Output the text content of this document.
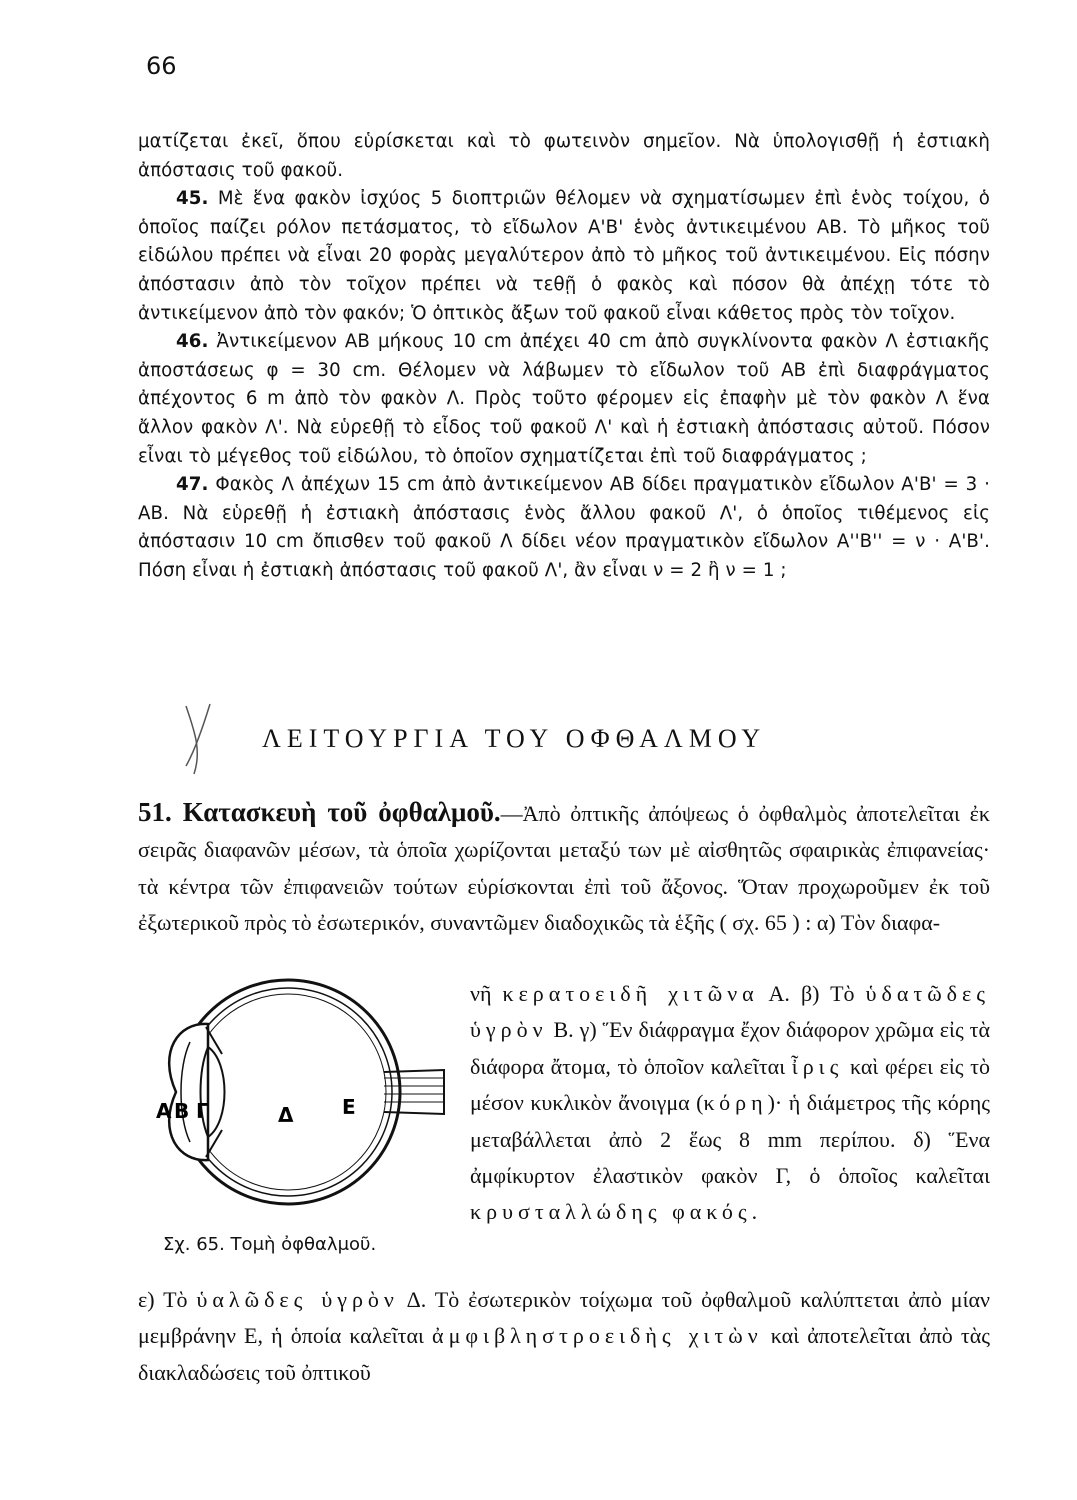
66

ματίζεται ἐκεῖ, ὅπου εὑρίσκεται καὶ τὸ φωτεινὸν σημεῖον. Νὰ ὑπολογισθῇ ἡ ἐστιακὴ ἀπόστασις τοῦ φακοῦ.

45. Μὲ ἕνα φακὸν ἰσχύος 5 διοπτριῶν θέλομεν νὰ σχηματίσωμεν ἐπὶ ἑνὸς τοίχου, ὁ ὁποῖος παίζει ρόλον πετάσματος, τὸ εἴδωλον Α'Β' ἑνὸς ἀντικειμένου ΑΒ. Τὸ μῆκος τοῦ εἰδώλου πρέπει νὰ εἶναι 20 φορὰς μεγαλύτερον ἀπὸ τὸ μῆκος τοῦ ἀντικειμένου. Εἰς πόσην ἀπόστασιν ἀπὸ τὸν τοῖχον πρέπει νὰ τεθῇ ὁ φακὸς καὶ πόσον θὰ ἀπέχῃ τότε τὸ ἀντικείμενον ἀπὸ τὸν φακόν; Ὁ ὀπτικὸς ἄξων τοῦ φακοῦ εἶναι κάθετος πρὸς τὸν τοῖχον.

46. Ἀντικείμενον ΑΒ μήκους 10 cm ἀπέχει 40 cm ἀπὸ συγκλίνοντα φακὸν Λ ἐστιακῆς ἀποστάσεως φ = 30 cm. Θέλομεν νὰ λάβωμεν τὸ εἴδωλον τοῦ ΑΒ ἐπὶ διαφράγματος ἀπέχοντος 6 m ἀπὸ τὸν φακὸν Λ. Πρὸς τοῦτο φέρομεν εἰς ἐπαφὴν μὲ τὸν φακὸν Λ ἕνα ἄλλον φακὸν Λ'. Νὰ εὑρεθῇ τὸ εἶδος τοῦ φακοῦ Λ' καὶ ἡ ἐστιακὴ ἀπόστασις αὐτοῦ. Πόσον εἶναι τὸ μέγεθος τοῦ εἰδώλου, τὸ ὁποῖον σχηματίζεται ἐπὶ τοῦ διαφράγματος ;

47. Φακὸς Λ ἀπέχων 15 cm ἀπὸ ἀντικείμενον ΑΒ δίδει πραγματικὸν εἴδωλον Α'Β' = 3 · ΑΒ. Νὰ εὑρεθῇ ἡ ἐστιακὴ ἀπόστασις ἑνὸς ἄλλου φακοῦ Λ', ὁ ὁποῖος τιθέμενος εἰς ἀπόστασιν 10 cm ὄπισθεν τοῦ φακοῦ Λ δίδει νέον πραγματικὸν εἴδωλον Α''Β'' = ν · Α'Β'. Πόση εἶναι ἡ ἐστιακὴ ἀπόστασις τοῦ φακοῦ Λ', ἂν εἶναι ν = 2 ἢ ν = 1 ;

ΛΕΙΤΟΥΡΓΙΑ ΤΟΥ ΟΦΘΑΛΜΟΥ

51. Κατασκευὴ τοῦ ὀφθαλμοῦ.—Ἀπὸ ὀπτικῆς ἀπόψεως ὁ ὀφθαλμὸς ἀποτελεῖται ἐκ σειρᾶς διαφανῶν μέσων, τὰ ὁποῖα χωρίζονται μεταξύ των μὲ αἰσθητῶς σφαιρικὰς ἐπιφανείας· τὰ κέντρα τῶν ἐπιφανειῶν τούτων εὑρίσκονται ἐπὶ τοῦ ἄξονος. Ὅταν προχωροῦμεν ἐκ τοῦ ἐξωτερικοῦ πρὸς τὸ ἐσωτερικόν, συναντῶμεν διαδοχικῶς τὰ ἑξῆς ( σχ. 65 ) : α) Τὸν διαφα-

Α Β Γ	Δ Ε
Σχ. 65. Τομὴ ὀφθαλμοῦ.

νῆ κερατοειδῆ χιτῶνα Α. β) Τὸ ὑδατῶδες ὑγρὸν Β. γ) Ἕν διάφραγμα ἔχον διάφορον χρῶμα εἰς τὰ διάφορα ἄτομα, τὸ ὁποῖον καλεῖται ἶρις καὶ φέρει εἰς τὸ μέσον κυκλικὸν ἄνοιγμα (κόρη)· ἡ διάμετρος τῆς κόρης μεταβάλλεται ἀπὸ 2 ἕως 8 mm περίπου. δ) Ἕνα ἀμφίκυρτον ἐλαστικὸν φακὸν Γ, ὁ ὁποῖος καλεῖται κρυσταλλώδης φακός.

ε) Τὸ ὑαλῶδες ὑγρὸν Δ. Τὸ ἐσωτερικὸν τοίχωμα τοῦ ὀφθαλμοῦ καλύπτεται ἀπὸ μίαν μεμβράνην Ε, ἡ ὁποία καλεῖται ἀμφιβληστροειδὴς χιτὼν καὶ ἀποτελεῖται ἀπὸ τὰς διακλαδώσεις τοῦ ὀπτικοῦ
